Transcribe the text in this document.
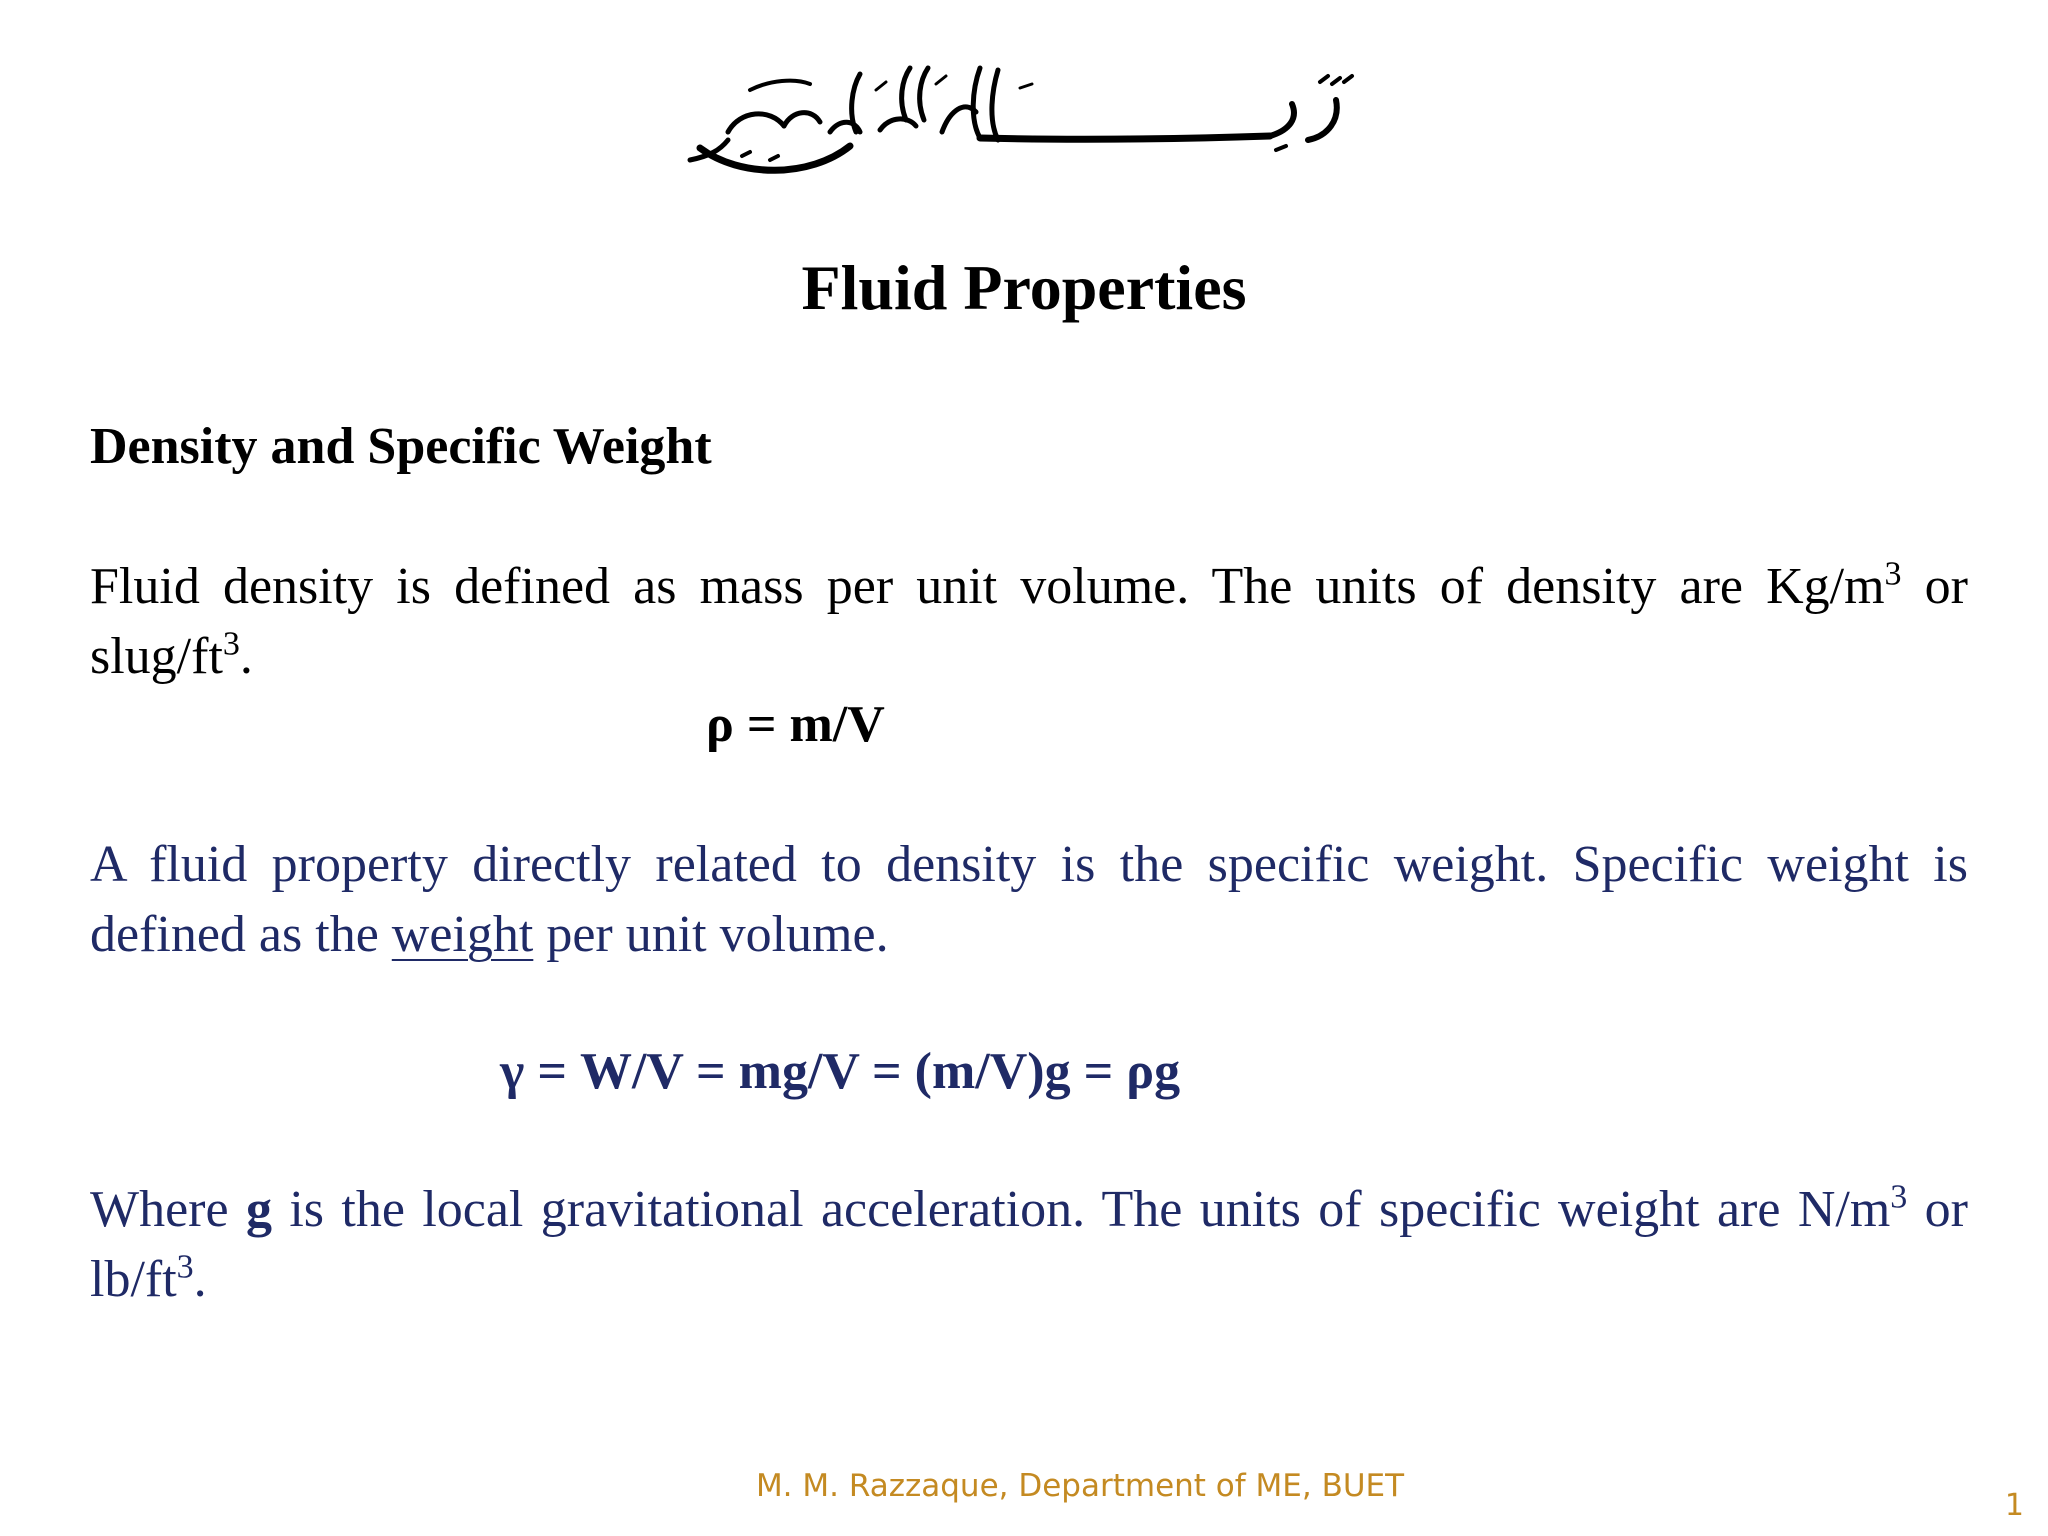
Fluid Properties
Density and Specific Weight

Fluid density is defined as mass per unit volume. The units of density are $Kg/m^3$ or slug/$ft^3$.

ρ = m/V

A fluid property directly related to density is the specific weight. Specific weight is defined as the weight per unit volume.

γ = W/V = mg/V = (m/V)g = ρg

Where g is the local gravitational acceleration. The units of specific weight are $N/m^3$ or $lb/ft^3$.

M. M. Razzaque, Department of ME, BUET
1
